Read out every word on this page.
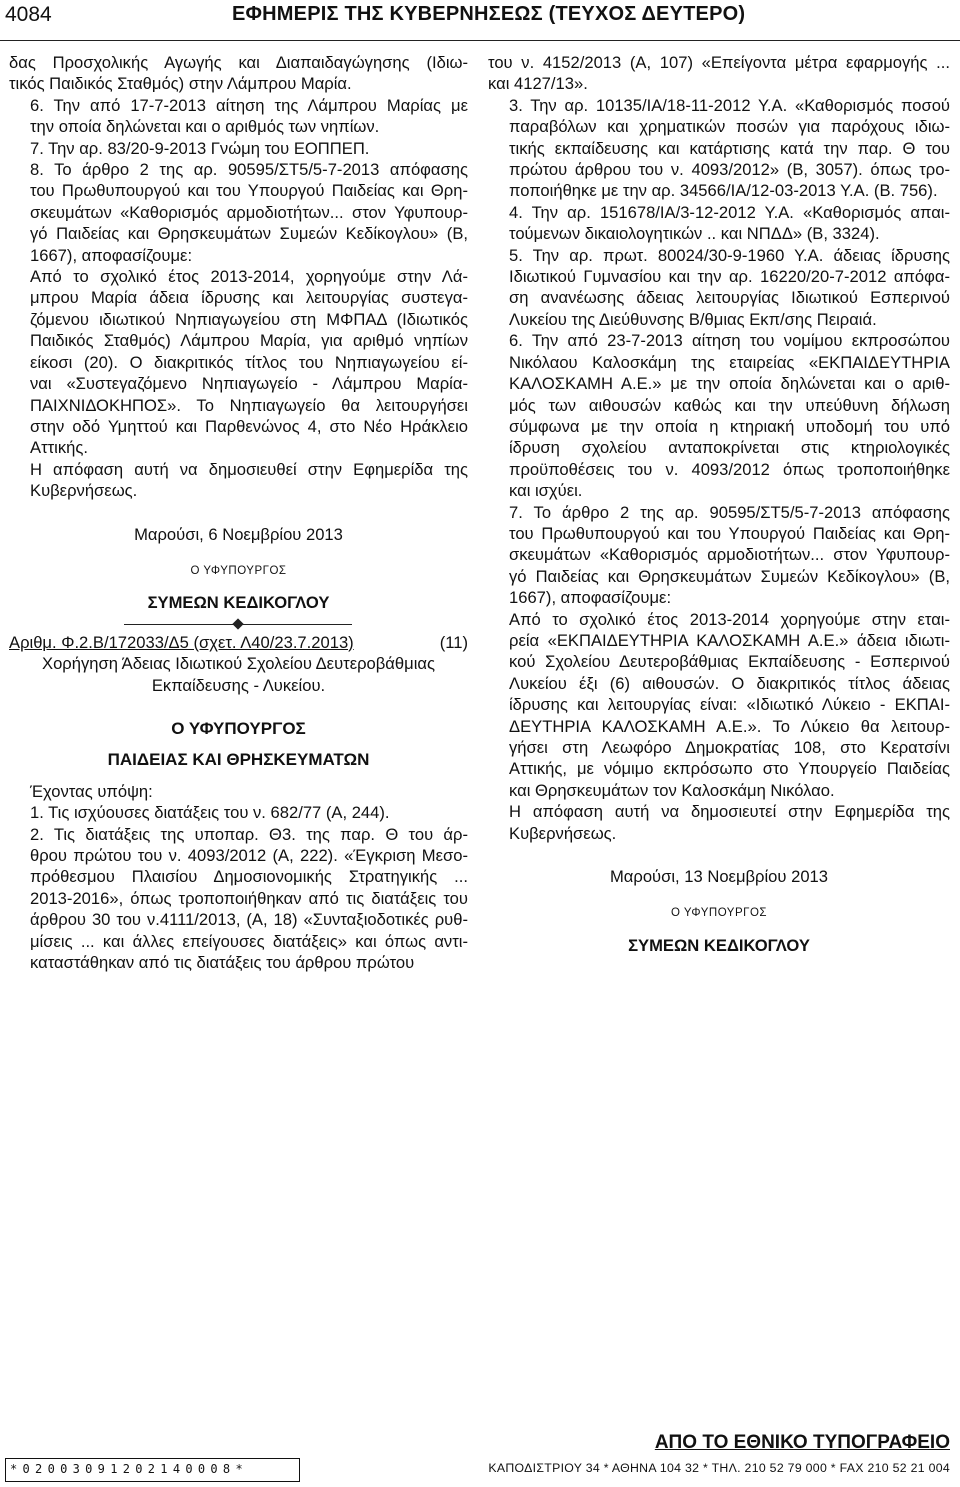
4084	ΕΦΗΜΕΡΙΣ ΤΗΣ ΚΥΒΕΡΝΗΣΕΩΣ (ΤΕΥΧΟΣ ΔΕΥΤΕΡΟ)
δας Προσχολικής Αγωγής και Διαπαιδαγώγησης (Ιδιω-
τικός Παιδικός Σταθμός) στην Λάμπρου Μαρία.
6. Την από 17-7-2013 αίτηση της Λάμπρου Μαρίας με
την οποία δηλώνεται και ο αριθμός των νηπίων.
7. Την αρ. 83/20-9-2013 Γνώμη του ΕΟΠΠΕΠ.
8. Το άρθρο 2 της αρ. 90595/ΣΤ5/5-7-2013 απόφασης
του Πρωθυπουργού και του Υπουργού Παιδείας και Θρη-
σκευμάτων «Καθορισμός αρμοδιοτήτων... στον Υφυπουρ-
γό Παιδείας και Θρησκευμάτων Συμεών Κεδίκογλου» (Β,
1667), αποφασίζουμε:
Από το σχολικό έτος 2013-2014, χορηγούμε στην Λά-
μπρου Μαρία άδεια ίδρυσης και λειτουργίας συστεγα-
ζόμενου ιδιωτικού Νηπιαγωγείου στη ΜΦΠΑΔ (Ιδιωτικός
Παιδικός Σταθμός) Λάμπρου Μαρία, για αριθμό νηπίων
είκοσι (20). Ο διακριτικός τίτλος του Νηπιαγωγείου εί-
ναι «Συστεγαζόμενο Νηπιαγωγείο - Λάμπρου Μαρία-
ΠΑΙΧΝΙΔΟΚΗΠΟΣ». Το Νηπιαγωγείο θα λειτουργήσει
στην οδό Υμηττού και Παρθενώνος 4, στο Νέο Ηράκλειο
Αττικής.
Η απόφαση αυτή να δημοσιευθεί στην Εφημερίδα της
Κυβερνήσεως.
Μαρούσι, 6 Νοεμβρίου 2013
Ο ΥΦΥΠΟΥΡΓΟΣ
ΣΥΜΕΩΝ ΚΕΔΙΚΟΓΛΟΥ
Αριθμ. Φ.2.Β/172033/Δ5 (σχετ. Λ40/23.7.2013)	(11)
Χορήγηση Άδειας Ιδιωτικού Σχολείου Δευτεροβάθμιας
Εκπαίδευσης - Λυκείου.
Ο ΥΦΥΠΟΥΡΓΟΣ
ΠΑΙΔΕΙΑΣ ΚΑΙ ΘΡΗΣΚΕΥΜΑΤΩΝ
Έχοντας υπόψη:
1. Τις ισχύουσες διατάξεις του ν. 682/77 (Α, 244).
2. Τις διατάξεις της υποπαρ. Θ3. της παρ. Θ του άρ-
θρου πρώτου του ν. 4093/2012 (Α, 222). «Έγκριση Μεσο-
πρόθεσμου Πλαισίου Δημοσιονομικής Στρατηγικής ...
2013-2016», όπως τροποποιήθηκαν από τις διατάξεις του
άρθρου 30 του ν.4111/2013, (Α, 18) «Συνταξιοδοτικές ρυθ-
μίσεις ... και άλλες επείγουσες διατάξεις» και όπως αντι-
καταστάθηκαν από τις διατάξεις του άρθρου πρώτου
του ν. 4152/2013 (Α, 107) «Επείγοντα μέτρα εφαρμογής ...
και 4127/13».
3. Την αρ. 10135/ΙΑ/18-11-2012 Υ.Α. «Καθορισμός ποσού
παραβόλων και χρηματικών ποσών για παρόχους ιδιω-
τικής εκπαίδευσης και κατάρτισης κατά την παρ. Θ του
πρώτου άρθρου του ν. 4093/2012» (Β, 3057). όπως τρο-
ποποιήθηκε με την αρ. 34566/ΙΑ/12-03-2013 Υ.Α. (Β. 756).
4. Την αρ. 151678/ΙΑ/3-12-2012 Υ.Α. «Καθορισμός απαι-
τούμενων δικαιολογητικών .. και ΝΠΔΔ» (Β, 3324).
5. Την αρ. πρωτ. 80024/30-9-1960 Υ.Α. άδειας ίδρυσης
Ιδιωτικού Γυμνασίου και την αρ. 16220/20-7-2012 απόφα-
ση ανανέωσης άδειας λειτουργίας Ιδιωτικού Εσπερινού
Λυκείου της Διεύθυνσης Β/θμιας Εκπ/σης Πειραιά.
6. Την από 23-7-2013 αίτηση του νομίμου εκπροσώπου
Νικόλαου Καλοσκάμη της εταιρείας «ΕΚΠΑΙΔΕΥΤΗΡΙΑ
ΚΑΛΟΣΚΑΜΗ Α.Ε.» με την οποία δηλώνεται και ο αριθ-
μός των αιθουσών καθώς και την υπεύθυνη δήλωση
σύμφωνα με την οποία η κτηριακή υποδομή του υπό
ίδρυση σχολείου ανταποκρίνεται στις κτηριολογικές
προϋποθέσεις του ν. 4093/2012 όπως τροποποιήθηκε
και ισχύει.
7. Το άρθρο 2 της αρ. 90595/ΣΤ5/5-7-2013 απόφασης
του Πρωθυπουργού και του Υπουργού Παιδείας και Θρη-
σκευμάτων «Καθορισμός αρμοδιοτήτων... στον Υφυπουρ-
γό Παιδείας και Θρησκευμάτων Συμεών Κεδίκογλου» (Β,
1667), αποφασίζουμε:
Από το σχολικό έτος 2013-2014 χορηγούμε στην εται-
ρεία «ΕΚΠΑΙΔΕΥΤΗΡΙΑ ΚΑΛΟΣΚΑΜΗ Α.Ε.» άδεια ιδιωτι-
κού Σχολείου Δευτεροβάθμιας Εκπαίδευσης - Εσπερινού
Λυκείου έξι (6) αιθουσών. Ο διακριτικός τίτλος άδειας
ίδρυσης και λειτουργίας είναι: «Ιδιωτικό Λύκειο - ΕΚΠΑΙ-
ΔΕΥΤΗΡΙΑ ΚΑΛΟΣΚΑΜΗ Α.Ε.». Το Λύκειο θα λειτουρ-
γήσει στη Λεωφόρο Δημοκρατίας 108, στο Κερατσίνι
Αττικής, με νόμιμο εκπρόσωπο στο Υπουργείο Παιδείας
και Θρησκευμάτων τον Καλοσκάμη Νικόλαο.
Η απόφαση αυτή να δημοσιευτεί στην Εφημερίδα της
Κυβερνήσεως.
Μαρούσι, 13 Νοεμβρίου 2013
Ο ΥΦΥΠΟΥΡΓΟΣ
ΣΥΜΕΩΝ ΚΕΔΙΚΟΓΛΟΥ
*02003091202140008*
ΑΠΟ ΤΟ ΕΘΝΙΚΟ ΤΥΠΟΓΡΑΦΕΙΟ
ΚΑΠΟΔΙΣΤΡΙΟΥ 34 * ΑΘΗΝΑ 104 32 * ΤΗΛ. 210 52 79 000 * FAX 210 52 21 004
